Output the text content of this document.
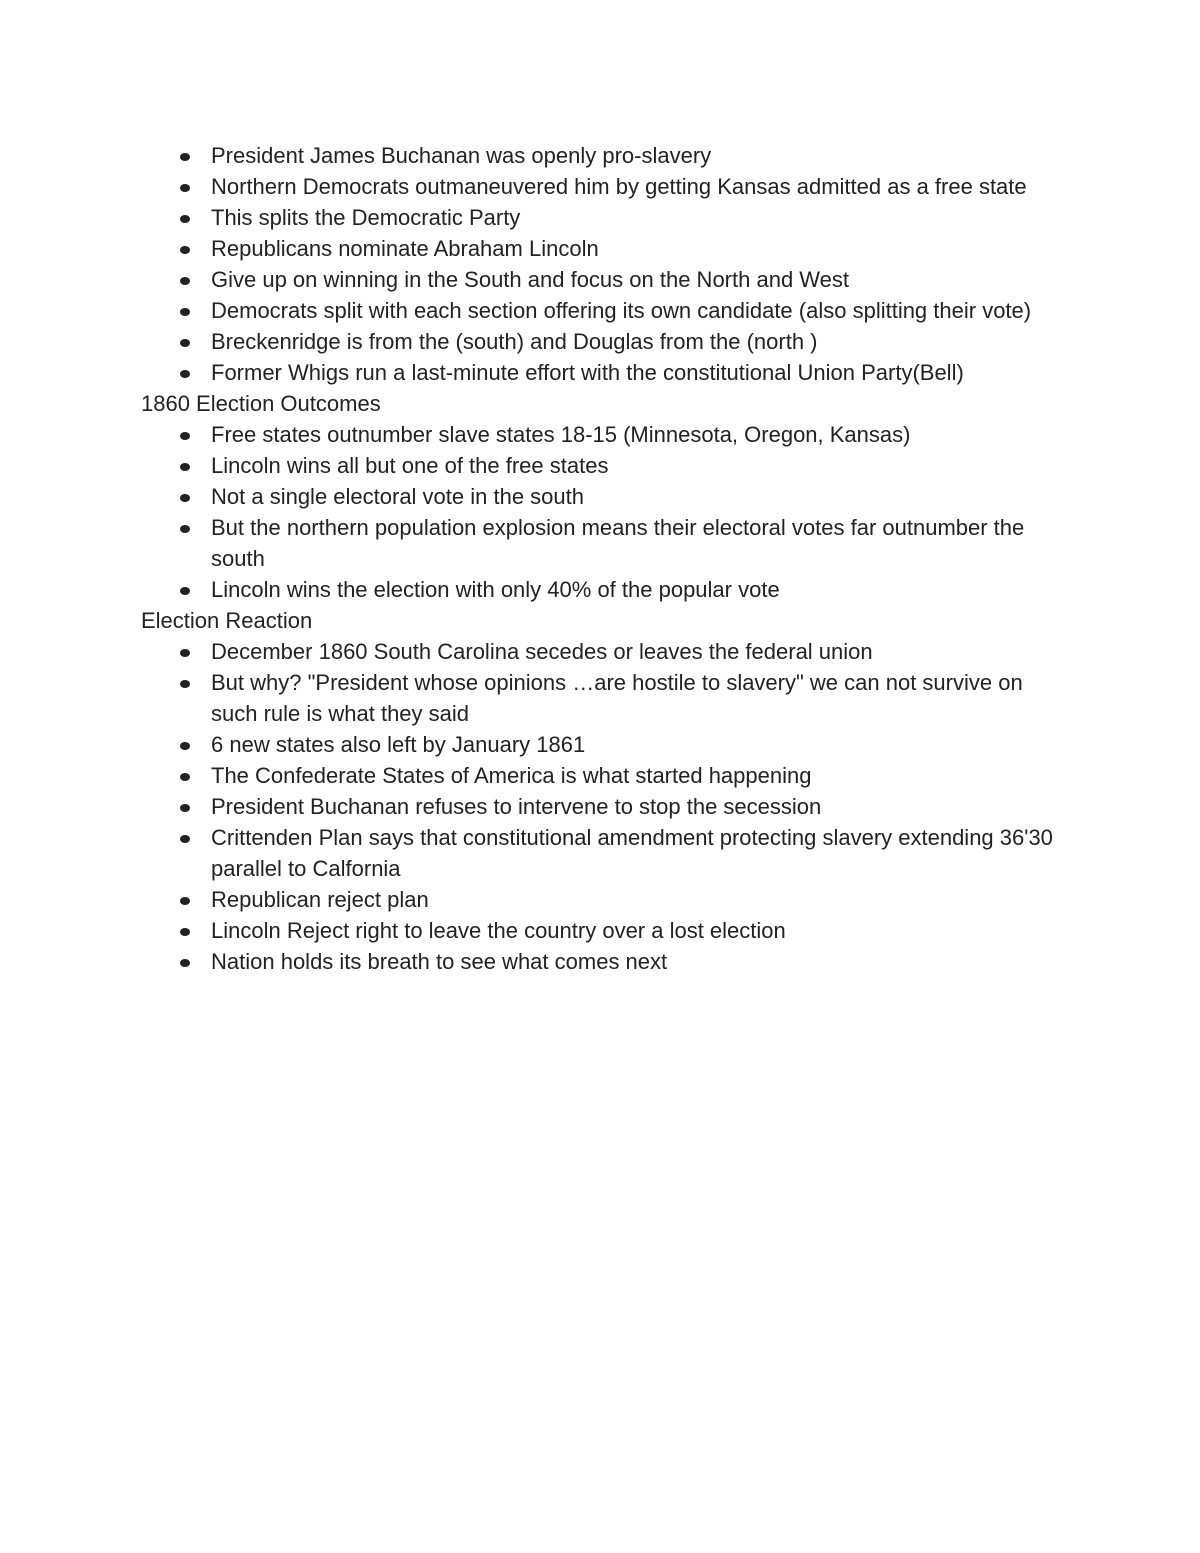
President James Buchanan was openly pro-slavery
Northern Democrats outmaneuvered him by getting Kansas admitted as a free state
This splits the Democratic Party
Republicans nominate Abraham Lincoln
Give up on winning in the South and focus on the North and West
Democrats split with each section offering its own candidate (also splitting their vote)
Breckenridge is from the (south) and Douglas from the (north )
Former Whigs run a last-minute effort with the constitutional Union Party(Bell)
1860 Election Outcomes
Free states outnumber slave states 18-15 (Minnesota, Oregon, Kansas)
Lincoln wins all but one of the free states
Not a single electoral vote in the south
But the northern population explosion means their electoral votes far outnumber the south
Lincoln wins the election with only 40% of the popular vote
Election Reaction
December 1860 South Carolina secedes or leaves the federal union
But why? "President whose opinions …are hostile to slavery" we can not survive on such rule is what they said
6 new states also left by January 1861
The Confederate States of America is what started happening
President Buchanan refuses to intervene to stop the secession
Crittenden Plan says that constitutional amendment protecting slavery extending 36'30 parallel to Calfornia
Republican reject plan
Lincoln Reject right to leave the country over a lost election
Nation holds its breath to see what comes next
